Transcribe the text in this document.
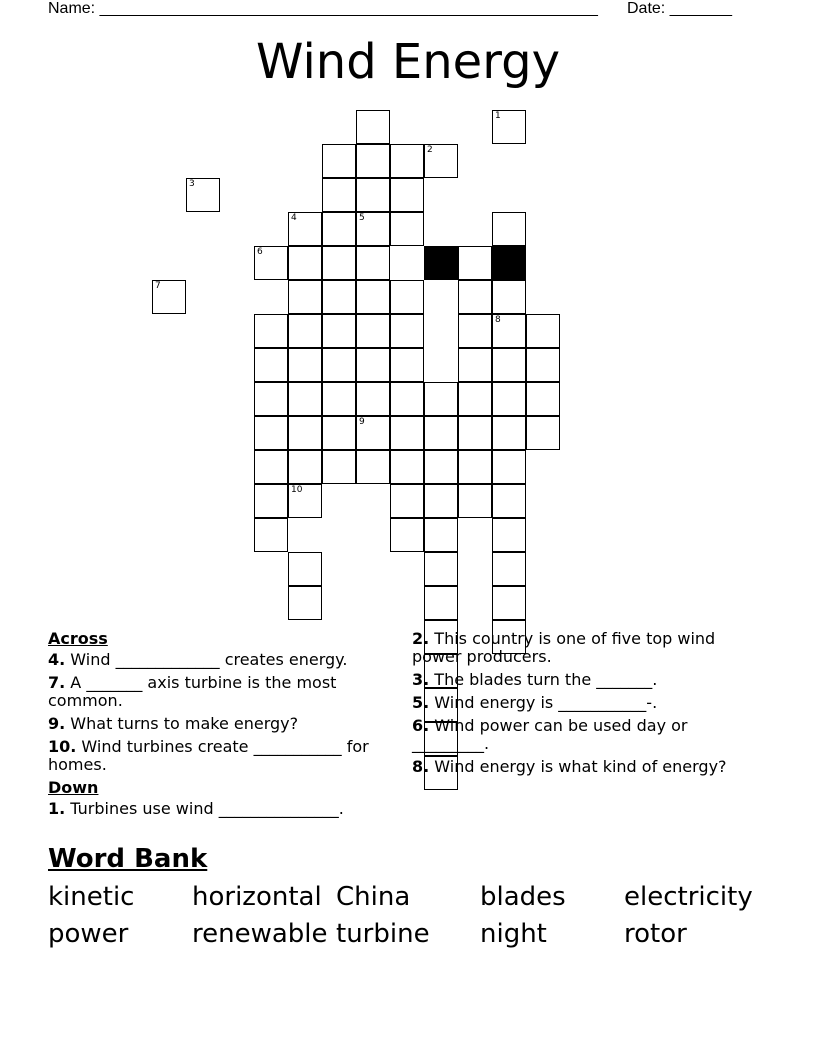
Name: ________________________________________________________ Date: _______
Wind Energy
8
10
5
9
1
2
3
4
6
7
Across
4. Wind _____________ creates energy.
7. A _______ axis turbine is the most common.
9. What turns to make energy?
10. Wind turbines create ___________ for homes.
Down
1. Turbines use wind _______________.
2. This country is one of five top wind power producers.
3. The blades turn the _______.
5. Wind energy is ___________-.
6. Wind power can be used day or _________.
8. Wind energy is what kind of energy?
Word Bank
kinetic horizontal China	blades electricity
power renewable turbine night	rotor
